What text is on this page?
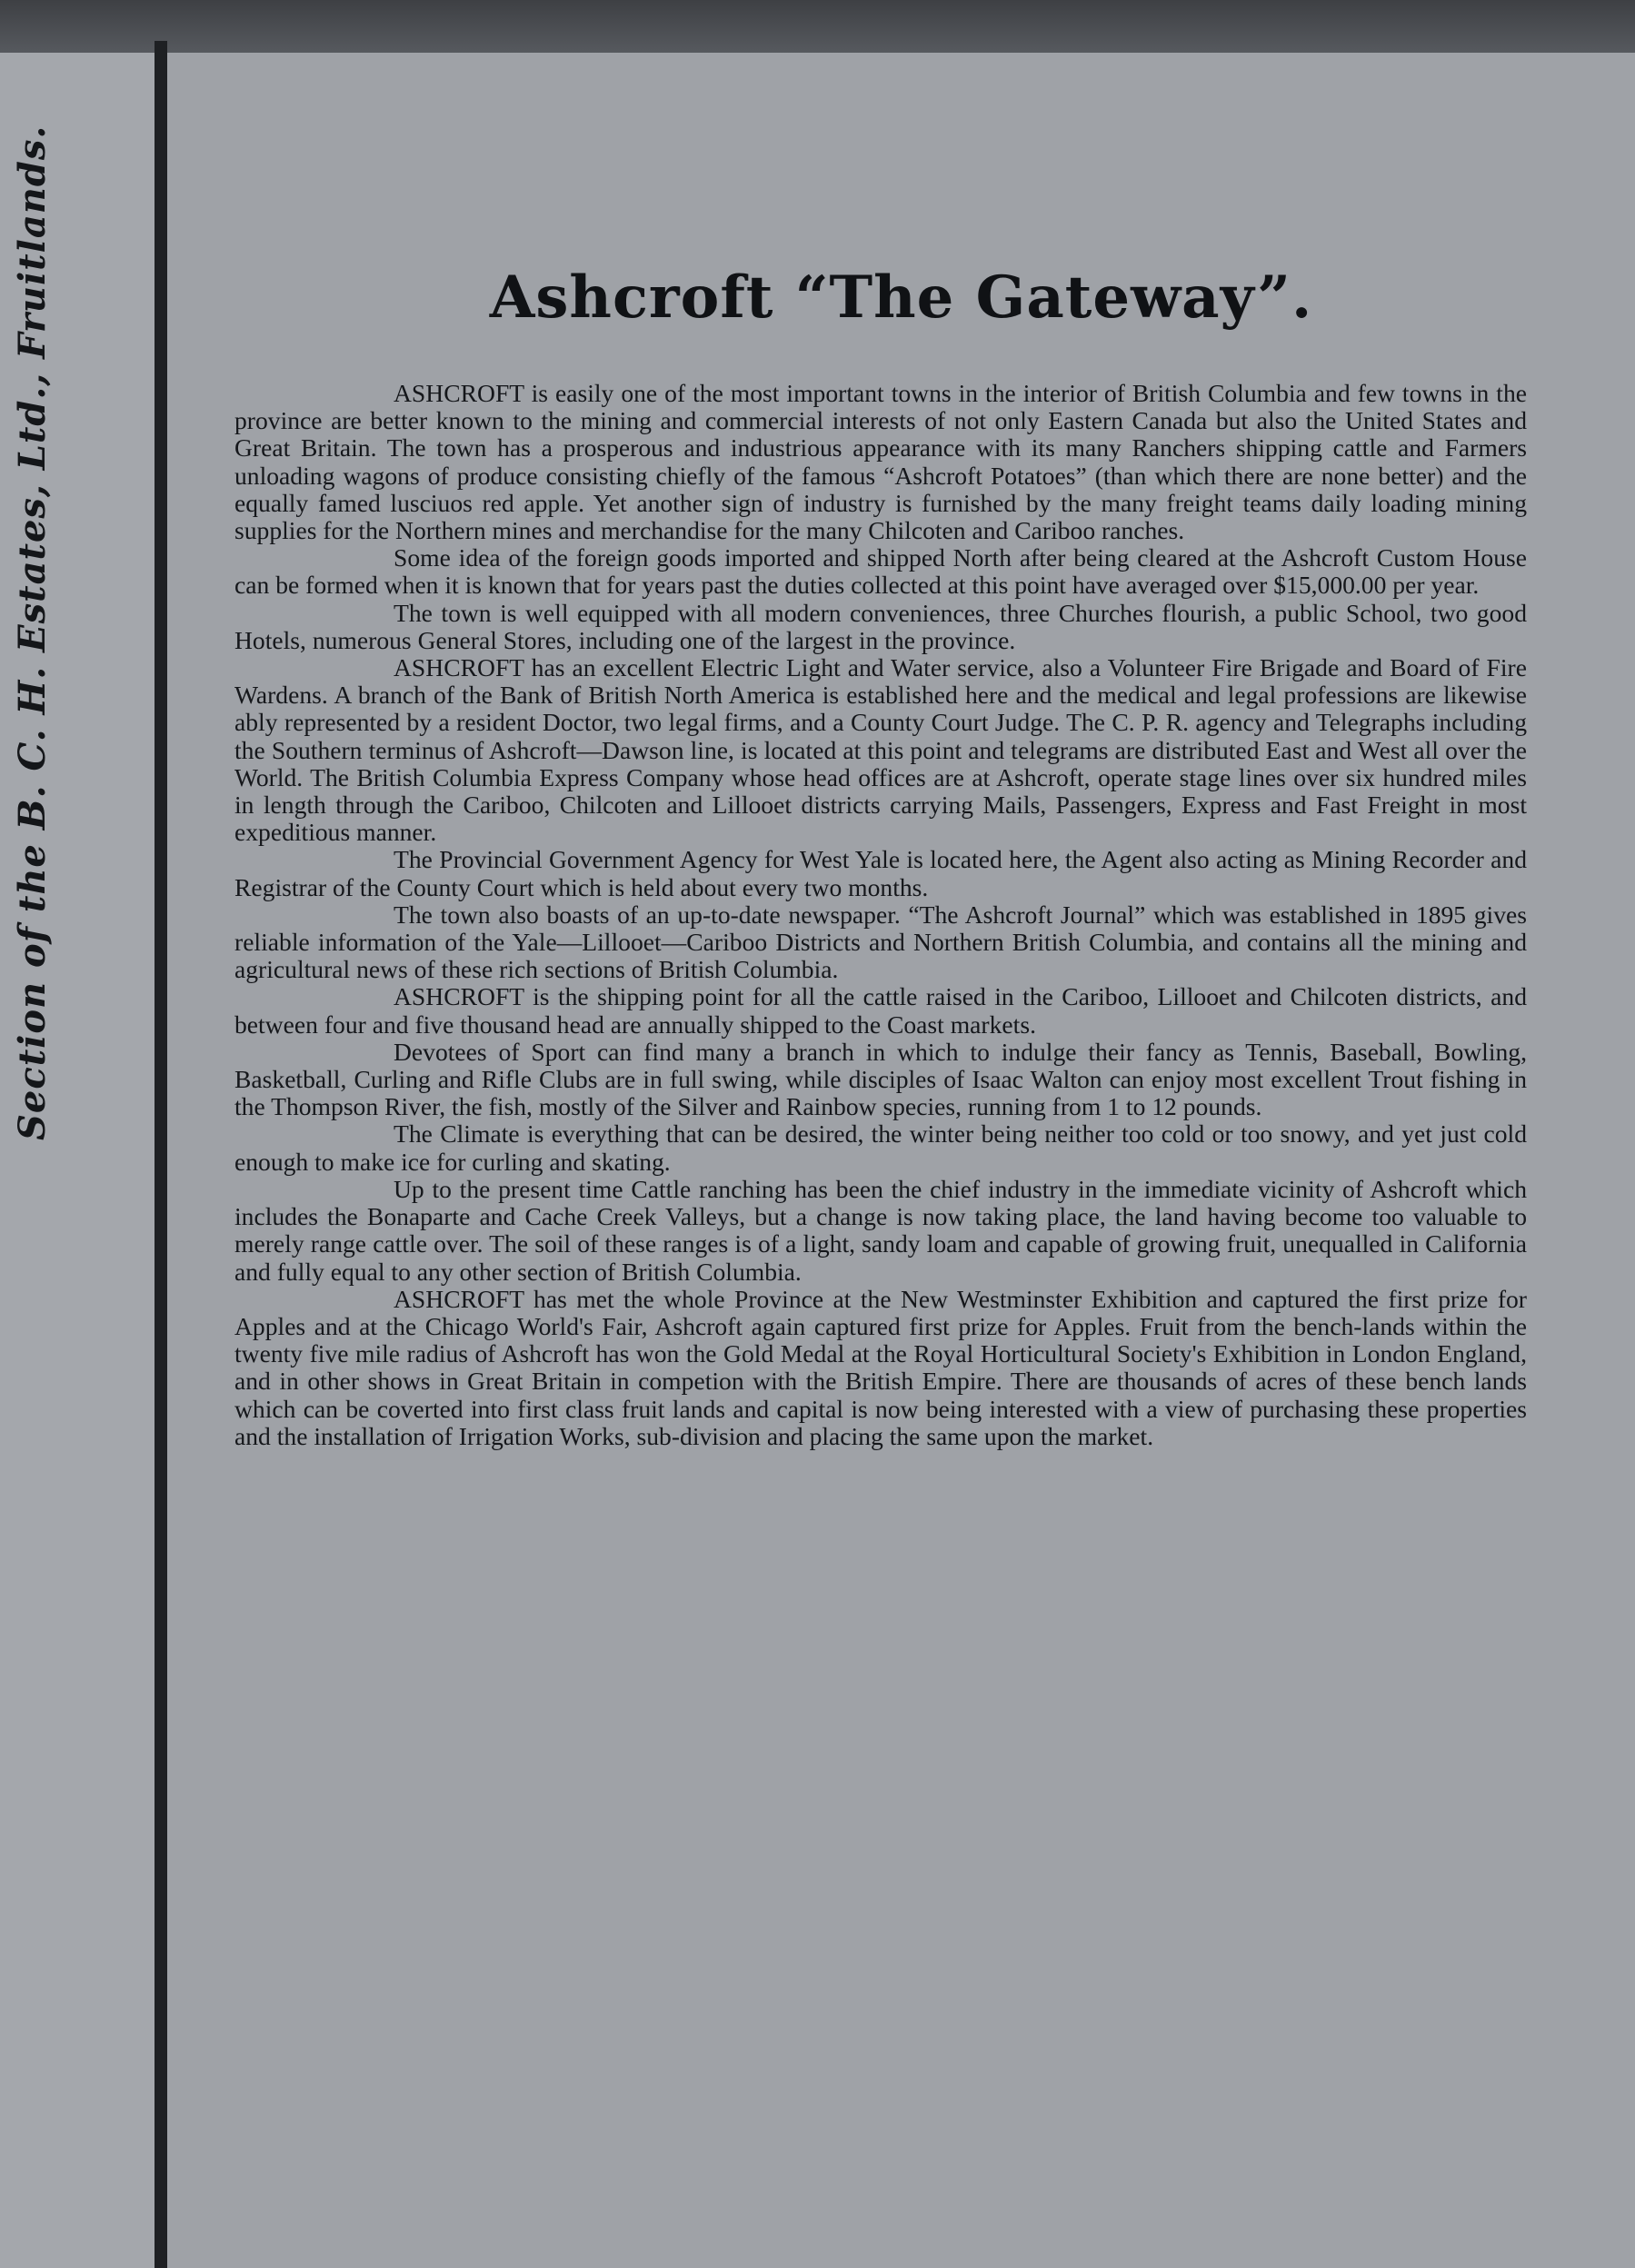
Section of the B. C. H. Estates, Ltd., Fruitlands.	Ashcroft “The Gateway”.

ASHCROFT is easily one of the most important towns in the interior of British Columbia and few towns in the province are better known to the mining and commercial interests of not only Eastern Canada but also the United States and Great Britain. The town has a prosperous and industrious appearance with its many Ranchers shipping cattle and Farmers unloading wagons of produce consisting chiefly of the famous “Ashcroft Potatoes” (than which there are none better) and the equally famed lusciuos red apple. Yet another sign of industry is furnished by the many freight teams daily loading mining supplies for the Northern mines and merchandise for the many Chilcoten and Cariboo ranches.

Some idea of the foreign goods imported and shipped North after being cleared at the Ashcroft Custom House can be formed when it is known that for years past the duties collected at this point have averaged over $15,000.00 per year.

The town is well equipped with all modern conveniences, three Churches flourish, a public School, two good Hotels, numerous General Stores, including one of the largest in the province.

ASHCROFT has an excellent Electric Light and Water service, also a Volunteer Fire Brigade and Board of Fire Wardens. A branch of the Bank of British North America is established here and the medical and legal professions are likewise ably represented by a resident Doctor, two legal firms, and a County Court Judge. The C. P. R. agency and Telegraphs including the Southern terminus of Ashcroft—Dawson line, is located at this point and telegrams are distributed East and West all over the World. The British Columbia Express Company whose head offices are at Ashcroft, operate stage lines over six hundred miles in length through the Cariboo, Chilcoten and Lillooet districts carrying Mails, Passengers, Express and Fast Freight in most expeditious manner.

The Provincial Government Agency for West Yale is located here, the Agent also acting as Mining Recorder and Registrar of the County Court which is held about every two months.

The town also boasts of an up-to-date newspaper. “The Ashcroft Journal” which was established in 1895 gives reliable information of the Yale—Lillooet—Cariboo Districts and Northern British Columbia, and contains all the mining and agricultural news of these rich sections of British Columbia.

ASHCROFT is the shipping point for all the cattle raised in the Cariboo, Lillooet and Chilcoten districts, and between four and five thousand head are annually shipped to the Coast markets.

Devotees of Sport can find many a branch in which to indulge their fancy as Tennis, Baseball, Bowling, Basketball, Curling and Rifle Clubs are in full swing, while disciples of Isaac Walton can enjoy most excellent Trout fishing in the Thompson River, the fish, mostly of the Silver and Rainbow species, running from 1 to 12 pounds.

The Climate is everything that can be desired, the winter being neither too cold or too snowy, and yet just cold enough to make ice for curling and skating.

Up to the present time Cattle ranching has been the chief industry in the immediate vicinity of Ashcroft which includes the Bonaparte and Cache Creek Valleys, but a change is now taking place, the land having become too valuable to merely range cattle over. The soil of these ranges is of a light, sandy loam and capable of growing fruit, unequalled in California and fully equal to any other section of British Columbia.

ASHCROFT has met the whole Province at the New Westminster Exhibition and captured the first prize for Apples and at the Chicago World's Fair, Ashcroft again captured first prize for Apples. Fruit from the bench-lands within the twenty five mile radius of Ashcroft has won the Gold Medal at the Royal Horticultural Society's Exhibition in London England, and in other shows in Great Britain in competion with the British Empire. There are thousands of acres of these bench lands which can be coverted into first class fruit lands and capital is now being interested with a view of purchasing these properties and the installation of Irrigation Works, sub-division and placing the same upon the market.
